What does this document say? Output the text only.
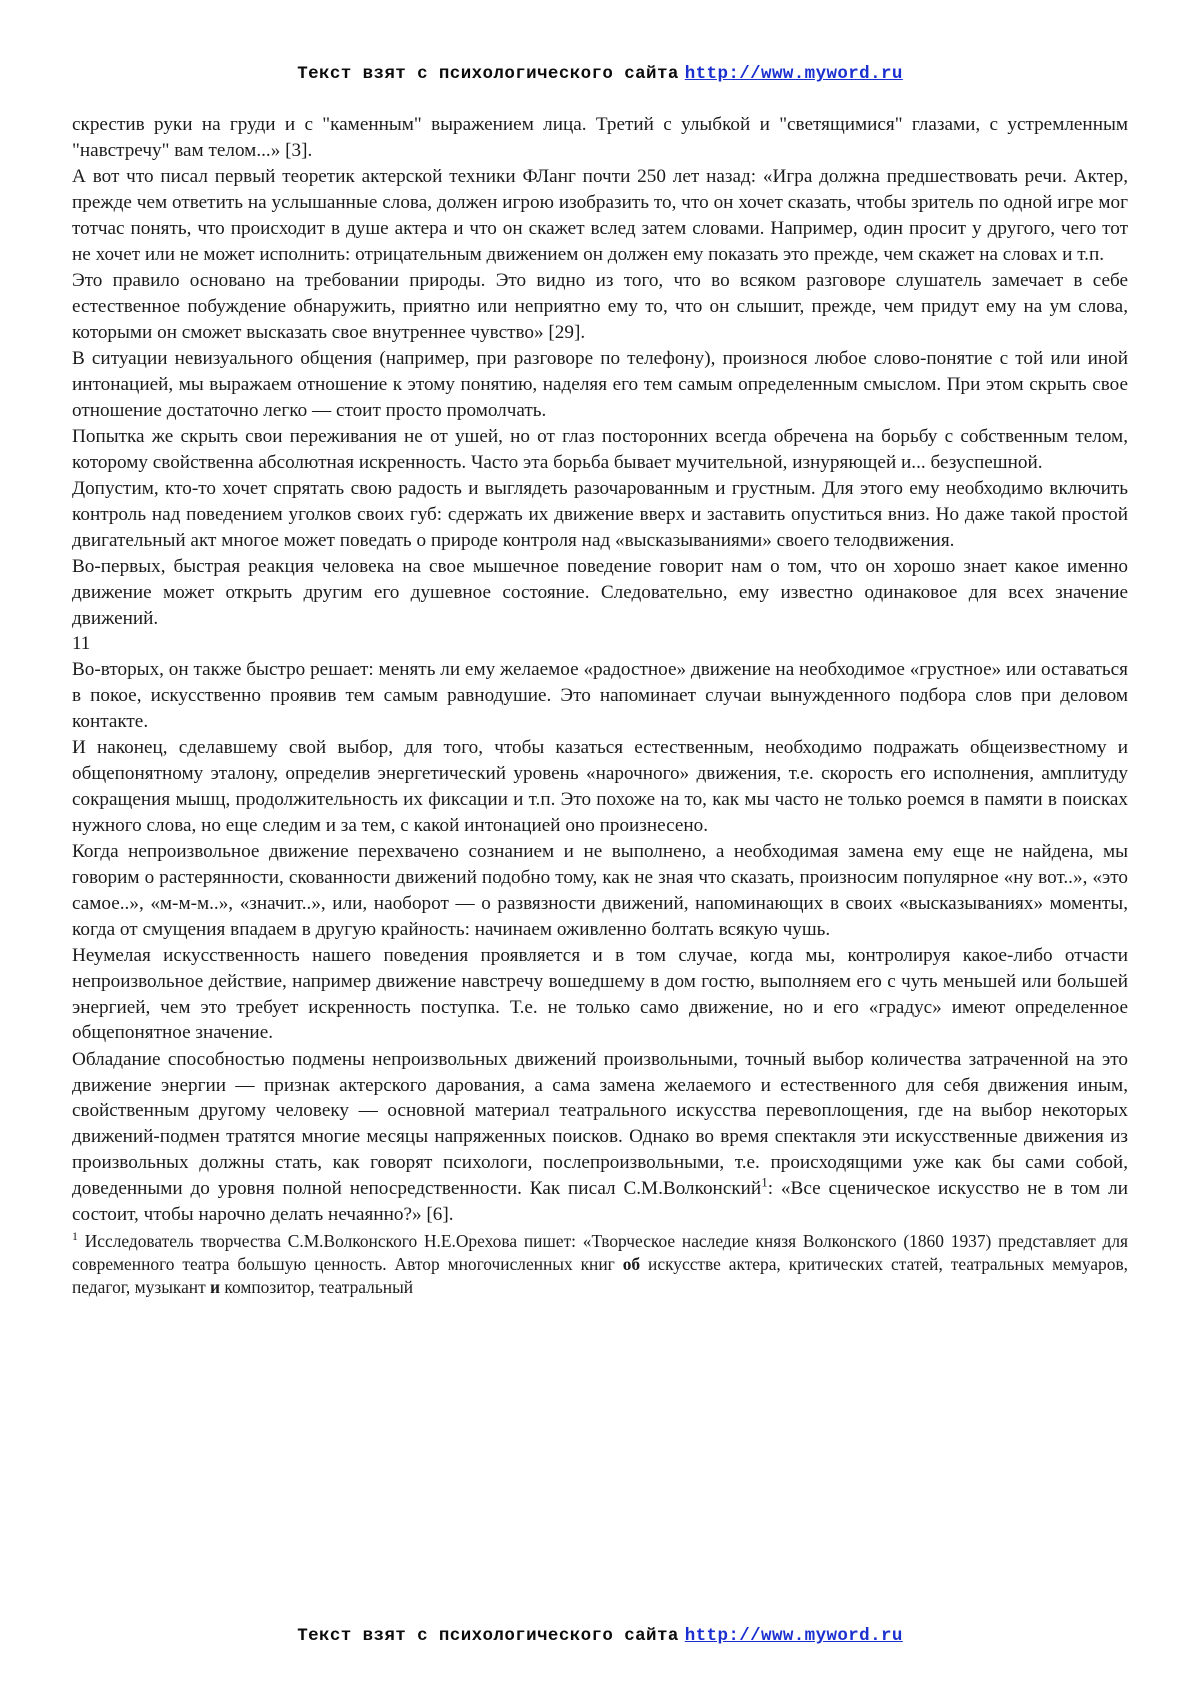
Текст взят с психологического сайта http://www.myword.ru

скрестив руки на груди и с "каменным" выражением лица. Третий с улыбкой и "светящимися" глазами, с устремленным "навстречу" вам телом...» [3].

А вот что писал первый теоретик актерской техники ФЛанг почти 250 лет назад: «Игра должна предшествовать речи. Актер, прежде чем ответить на услышанные слова, должен игрою изобразить то, что он хочет сказать, чтобы зритель по одной игре мог тотчас понять, что происходит в душе актера и что он скажет вслед затем словами. Например, один просит у другого, чего тот не хочет или не может исполнить: отрицательным движением он должен ему показать это прежде, чем скажет на словах и т.п.

Это правило основано на требовании природы. Это видно из того, что во всяком разговоре слушатель замечает в себе естественное побуждение обнаружить, приятно или неприятно ему то, что он слышит, прежде, чем придут ему на ум слова, которыми он сможет высказать свое внутреннее чувство» [29].

В ситуации невизуального общения (например, при разговоре по телефону), произнося любое слово-понятие с той или иной интонацией, мы выражаем отношение к этому понятию, наделяя его тем самым определенным смыслом. При этом скрыть свое отношение достаточно легко — стоит просто промолчать.

Попытка же скрыть свои переживания не от ушей, но от глаз посторонних всегда обречена на борьбу с собственным телом, которому свойственна абсолютная искренность. Часто эта борьба бывает мучительной, изнуряющей и... безуспешной.

Допустим, кто-то хочет спрятать свою радость и выглядеть разочарованным и грустным. Для этого ему необходимо включить контроль над поведением уголков своих губ: сдержать их движение вверх и заставить опуститься вниз. Но даже такой простой двигательный акт многое может поведать о природе контроля над «высказываниями» своего телодвижения.

Во-первых, быстрая реакция человека на свое мышечное поведение говорит нам о том, что он хорошо знает какое именно движение может открыть другим его душевное состояние. Следовательно, ему известно одинаковое для всех значение движений.

11

Во-вторых, он также быстро решает: менять ли ему желаемое «радостное» движение на необходимое «грустное» или оставаться в покое, искусственно проявив тем самым равнодушие. Это напоминает случаи вынужденного подбора слов при деловом контакте.

И наконец, сделавшему свой выбор, для того, чтобы казаться естественным, необходимо подражать общеизвестному и общепонятному эталону, определив энергетический уровень «нарочного» движения, т.е. скорость его исполнения, амплитуду сокращения мышц, продолжительность их фиксации и т.п. Это похоже на то, как мы часто не только роемся в памяти в поисках нужного слова, но еще следим и за тем, с какой интонацией оно произнесено.

Когда непроизвольное движение перехвачено сознанием и не выполнено, а необходимая замена ему еще не найдена, мы говорим о растерянности, скованности движений подобно тому, как не зная что сказать, произносим популярное «ну вот..», «это самое..», «м-м-м..», «значит..», или, наоборот — о развязности движений, напоминающих в своих «высказываниях» моменты, когда от смущения впадаем в другую крайность: начинаем оживленно болтать всякую чушь.

Неумелая искусственность нашего поведения проявляется и в том случае, когда мы, контролируя какое-либо отчасти непроизвольное действие, например движение навстречу вошедшему в дом гостю, выполняем его с чуть меньшей или большей энергией, чем это требует искренность поступка. Т.е. не только само движение, но и его «градус» имеют определенное общепонятное значение.

Обладание способностью подмены непроизвольных движений произвольными, точный выбор количества затраченной на это движение энергии — признак актерского дарования, а сама замена желаемого и естественного для себя движения иным, свойственным другому человеку — основной материал театрального искусства перевоплощения, где на выбор некоторых движений-подмен тратятся многие месяцы напряженных поисков. Однако во время спектакля эти искусственные движения из произвольных должны стать, как говорят психологи, послепроизвольными, т.е. происходящими уже как бы сами собой, доведенными до уровня полной непосредственности. Как писал С.М.Волконский$^1$: «Все сценическое искусство не в том ли состоит, чтобы нарочно делать нечаянно?» [6].

$^1$ Исследователь творчества С.М.Волконского Н.Е.Орехова пишет: «Творческое наследие князя Волконского (1860 1937) представляет для современного театра большую ценность. Автор многочисленных книг об искусстве актера, критических статей, театральных мемуаров, педагог, музыкант и композитор, театральный
Текст взят с психологического сайта http://www.myword.ru
